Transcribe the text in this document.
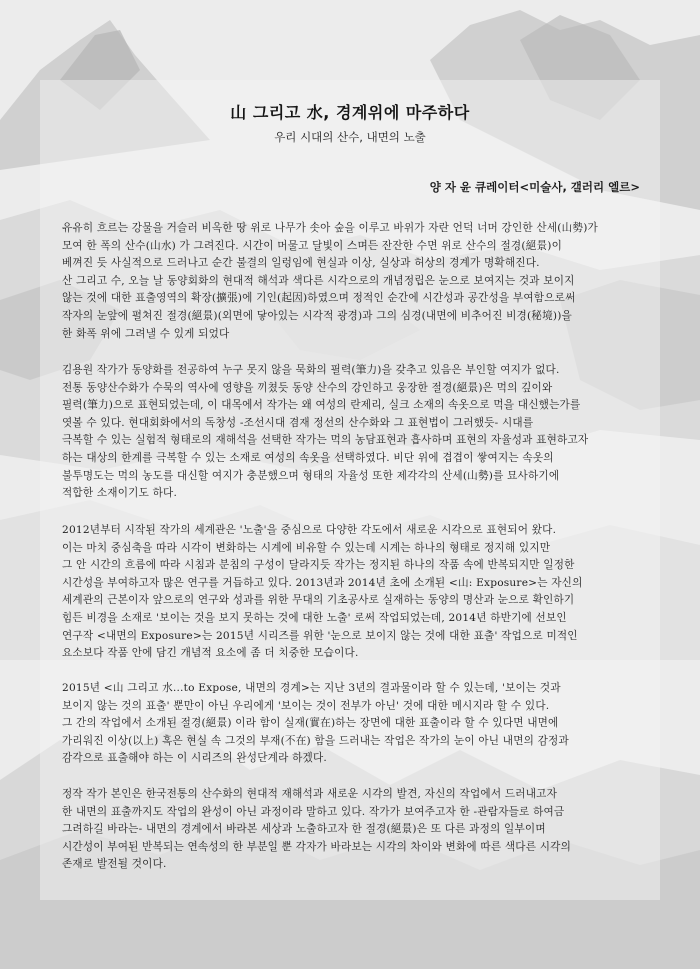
山 그리고 水, 경계위에 마주하다

우리 시대의 산수, 내면의 노출

양 자 윤 큐레이터<미술사, 갤러리 엘르>

유유히 흐르는 강물을 거슬러 비옥한 땅 위로 나무가 솟아 숲을 이루고 바위가 자란 언덕 너머 강인한 산세(山勢)가
모여 한 폭의 산수(山水) 가 그려진다. 시간이 머물고 달빛이 스며든 잔잔한 수면 위로 산수의 절경(絕景)이
베껴진 듯 사실적으로 드러나고 순간 불결의 일렁임에 현실과 이상, 실상과 허상의 경계가 명확해진다.
산 그리고 수, 오늘 날 동양회화의 현대적 해석과 색다른 시각으로의 개념정립은 눈으로 보여지는 것과 보이지
않는 것에 대한 표출영역의 확장(擴張)에 기인(起因)하였으며 정적인 순간에 시간성과 공간성을 부여함으로써
작자의 눈앞에 펼쳐진 절경(絕景)(외면에 닿아있는 시각적 광경)과 그의 심경(내면에 비추어진 비경(秘境))을
한 화폭 위에 그려낼 수 있게 되었다

김용원 작가가 동양화를 전공하여 누구 못지 않을 묵화의 필력(筆力)을 갖추고 있음은 부인할 여지가 없다.
전통 동양산수화가 수묵의 역사에 영향을 끼쳤듯 동양 산수의 강인하고 웅장한 절경(絕景)은 먹의 깊이와
필력(筆力)으로 표현되었는데, 이 대목에서 작가는 왜 여성의 란제리, 실크 소재의 속옷으로 먹을 대신했는가를
엿볼 수 있다. 현대회화에서의 독창성 -조선시대 겸재 정선의 산수화와 그 표현법이 그러했듯- 시대를
극복할 수 있는 실험적 형태로의 재해석을 선택한 작가는 먹의 농담표현과 흡사하며 표현의 자율성과 표현하고자
하는 대상의 한계를 극복할 수 있는 소재로 여성의 속옷을 선택하였다. 비단 위에 겹겹이 쌓여지는 속옷의
불투명도는 먹의 농도를 대신할 여지가 충분했으며 형태의 자율성 또한 제각각의 산세(山勢)를 묘사하기에
적합한 소재이기도 하다.

2012년부터 시작된 작가의 세계관은 '노출'을 중심으로 다양한 각도에서 새로운 시각으로 표현되어 왔다.
이는 마치 중심축을 따라 시각이 변화하는 시계에 비유할 수 있는데 시계는 하나의 형태로 정지해 있지만
그 안 시간의 흐름에 따라 시침과 분침의 구성이 달라지듯 작가는 정지된 하나의 작품 속에 반복되지만 일정한
시간성을 부여하고자 많은 연구를 거듭하고 있다. 2013년과 2014년 초에 소개된 <山: Exposure>는 자신의
세계관의 근본이자 앞으로의 연구와 성과를 위한 무대의 기초공사로 실재하는 동양의 명산과 눈으로 확인하기
힘든 비경을 소재로 '보이는 것을 보지 못하는 것에 대한 노출' 로써 작업되었는데, 2014년 하반기에 선보인
연구작 <내면의 Exposure>는 2015년 시리즈를 위한 '눈으로 보이지 않는 것에 대한 표출' 작업으로 미적인
요소보다 작품 안에 담긴 개념적 요소에 좀 더 치중한 모습이다.

2015년 <山 그리고 水…to Expose, 내면의 경계>는 지난 3년의 결과물이라 할 수 있는데, '보이는 것과
보이지 않는 것의 표출' 뿐만이 아닌 우리에게 '보이는 것이 전부가 아닌' 것에 대한 메시지라 할 수 있다.
그 간의 작업에서 소개된 절경(絕景) 이라 함이 실재(實在)하는 장면에 대한 표출이라 할 수 있다면 내면에
가리워진 이상(以上) 혹은 현실 속 그것의 부재(不在) 함을 드러내는 작업은 작가의 눈이 아닌 내면의 감정과
감각으로 표출해야 하는 이 시리즈의 완성단계라 하겠다.

정작 작가 본인은 한국전통의 산수화의 현대적 재해석과 새로운 시각의 발견, 자신의 작업에서 드러내고자
한 내면의 표출까지도 작업의 완성이 아닌 과정이라 말하고 있다. 작가가 보여주고자 한 -관람자들로 하여금
그려하길 바라는- 내면의 경계에서 바라본 세상과 노출하고자 한 절경(絕景)은 또 다른 과정의 일부이며
시간성이 부여된 반복되는 연속성의 한 부분일 뿐 각자가 바라보는 시각의 차이와 변화에 따른 색다른 시각의
존재로 발전될 것이다.
